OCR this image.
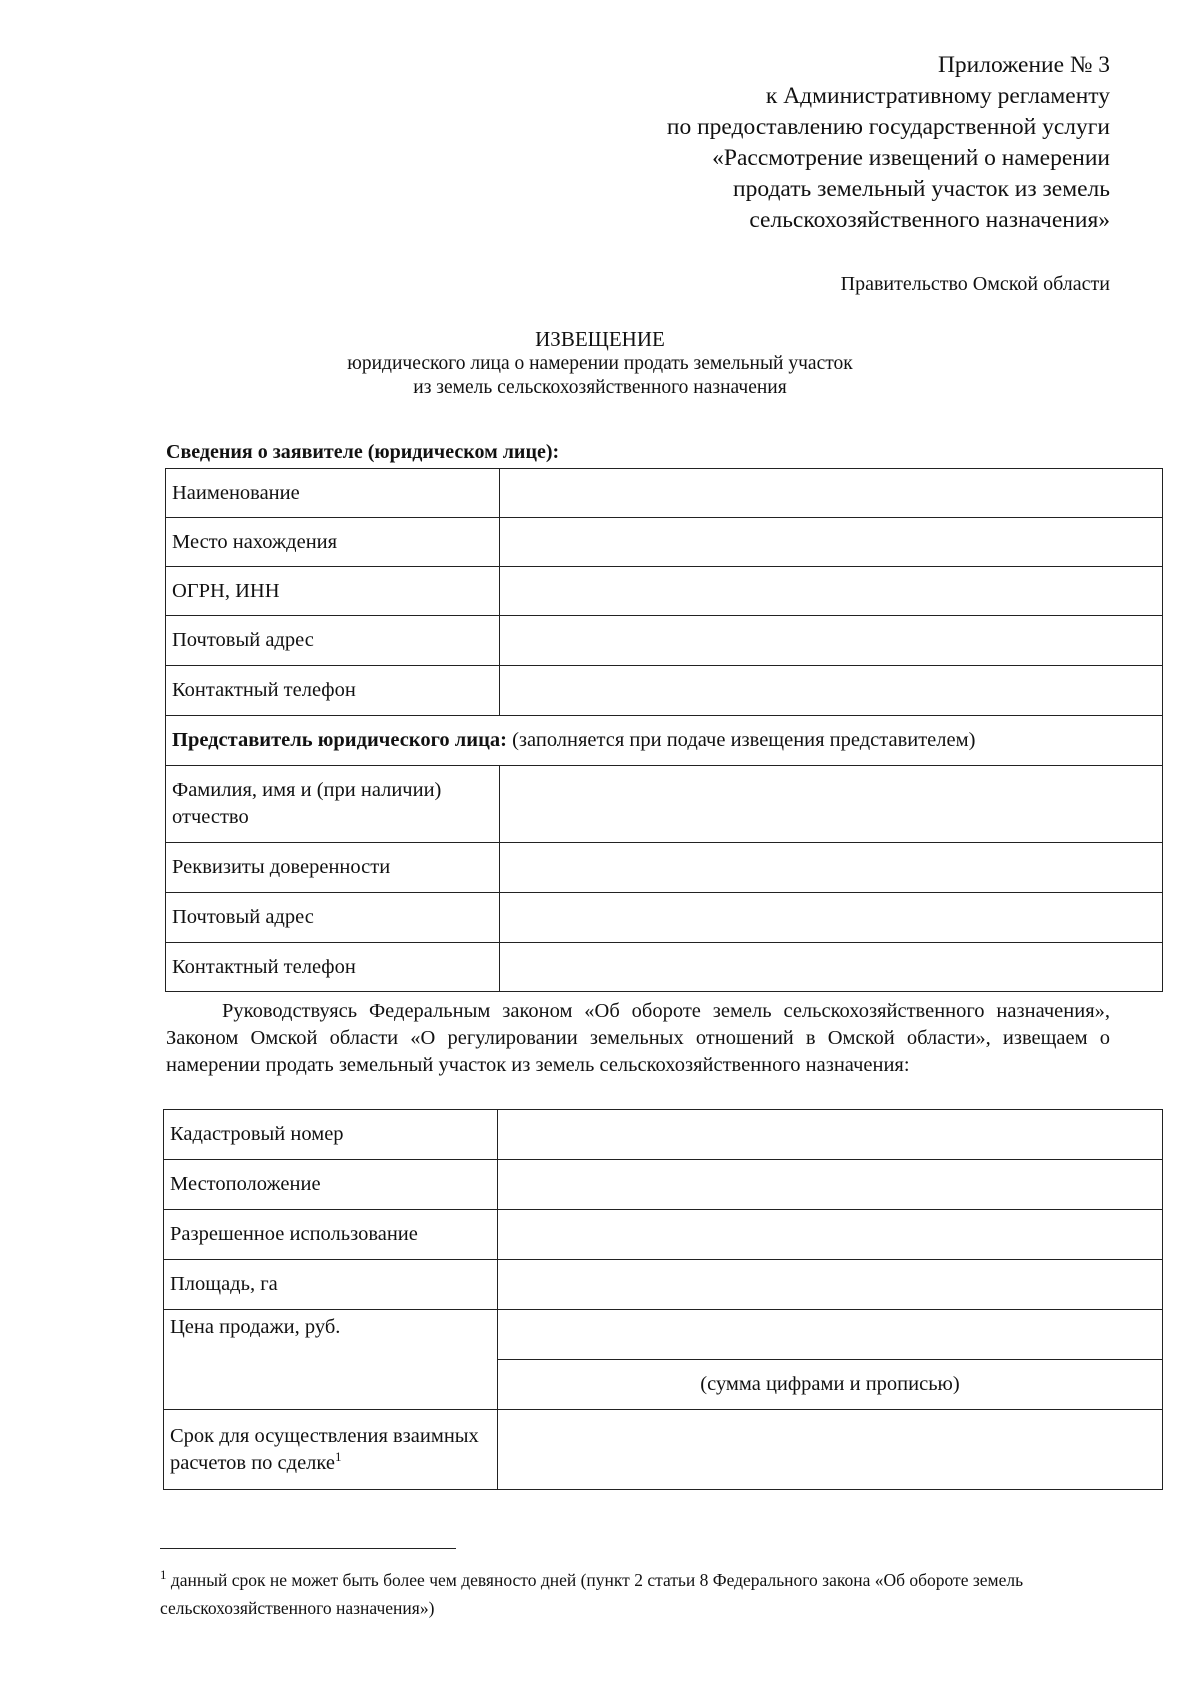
Приложение № 3
к Административному регламенту
по предоставлению государственной услуги
«Рассмотрение извещений о намерении
продать земельный участок из земель
сельскохозяйственного назначения»
Правительство Омской области
ИЗВЕЩЕНИЕ
юридического лица о намерении продать земельный участок
из земель сельскохозяйственного назначения
Сведения о заявителе (юридическом лице):
Наименование	
Место нахождения	
ОГРН, ИНН	
Почтовый адрес	
Контактный телефон	
Представитель юридического лица: (заполняется при подаче извещения представителем)	
Фамилия, имя и (при наличии) отчество	
Реквизиты доверенности	
Почтовый адрес	
Контактный телефон	
Руководствуясь Федеральным законом «Об обороте земель сельскохозяйственного назначения», Законом Омской области «О регулировании земельных отношений в Омской области», извещаем о намерении продать земельный участок из земель сельскохозяйственного назначения:
Кадастровый номер	
Местоположение	
Разрешенное использование	
Площадь, га	
Цена продажи, руб.	
	(сумма цифрами и прописью)
Срок для осуществления взаимных расчетов по сделке$^1$	
$^1$ данный срок не может быть более чем девяносто дней (пункт 2 статьи 8 Федерального закона «Об обороте земель сельскохозяйственного назначения»)
